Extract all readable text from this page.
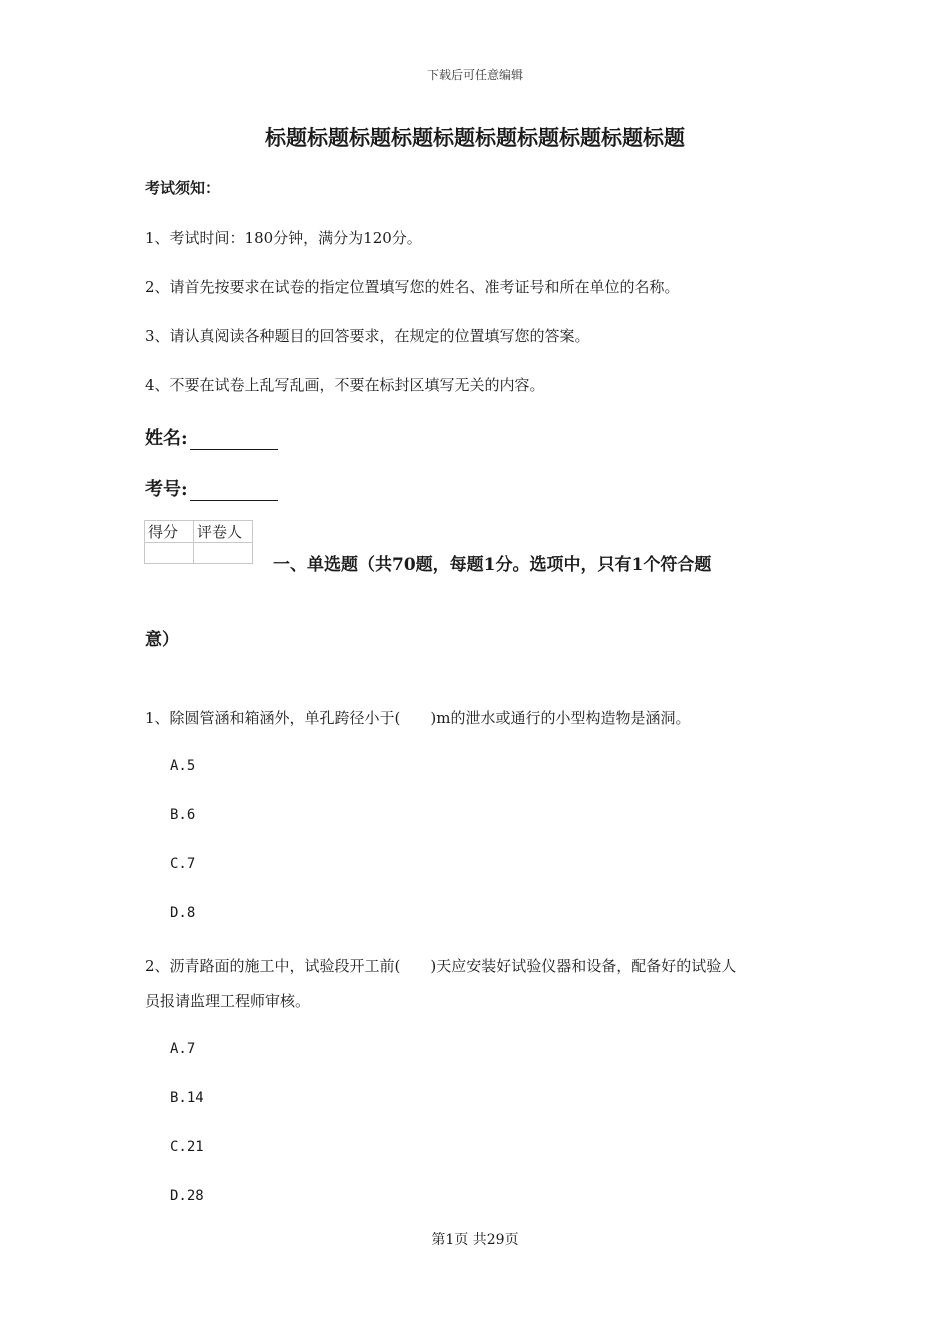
下载后可任意编辑
标题标题标题标题标题标题标题标题标题标题
考试须知：
1、考试时间：180分钟，满分为120分。
2、请首先按要求在试卷的指定位置填写您的姓名、准考证号和所在单位的名称。
3、请认真阅读各种题目的回答要求，在规定的位置填写您的答案。
4、不要在试卷上乱写乱画，不要在标封区填写无关的内容。
姓名:
考号:
得分	评卷人

一、单选题（共70题，每题1分。选项中，只有1个符合题
意）
1、除圆管涵和箱涵外，单孔跨径小于(　　)m的泄水或通行的小型构造物是涵洞。
A.5
B.6
C.7
D.8
2、沥青路面的施工中，试验段开工前(　　)天应安装好试验仪器和设备，配备好的试验人
员报请监理工程师审核。
A.7
B.14
C.21
D.28
第1页 共29页
